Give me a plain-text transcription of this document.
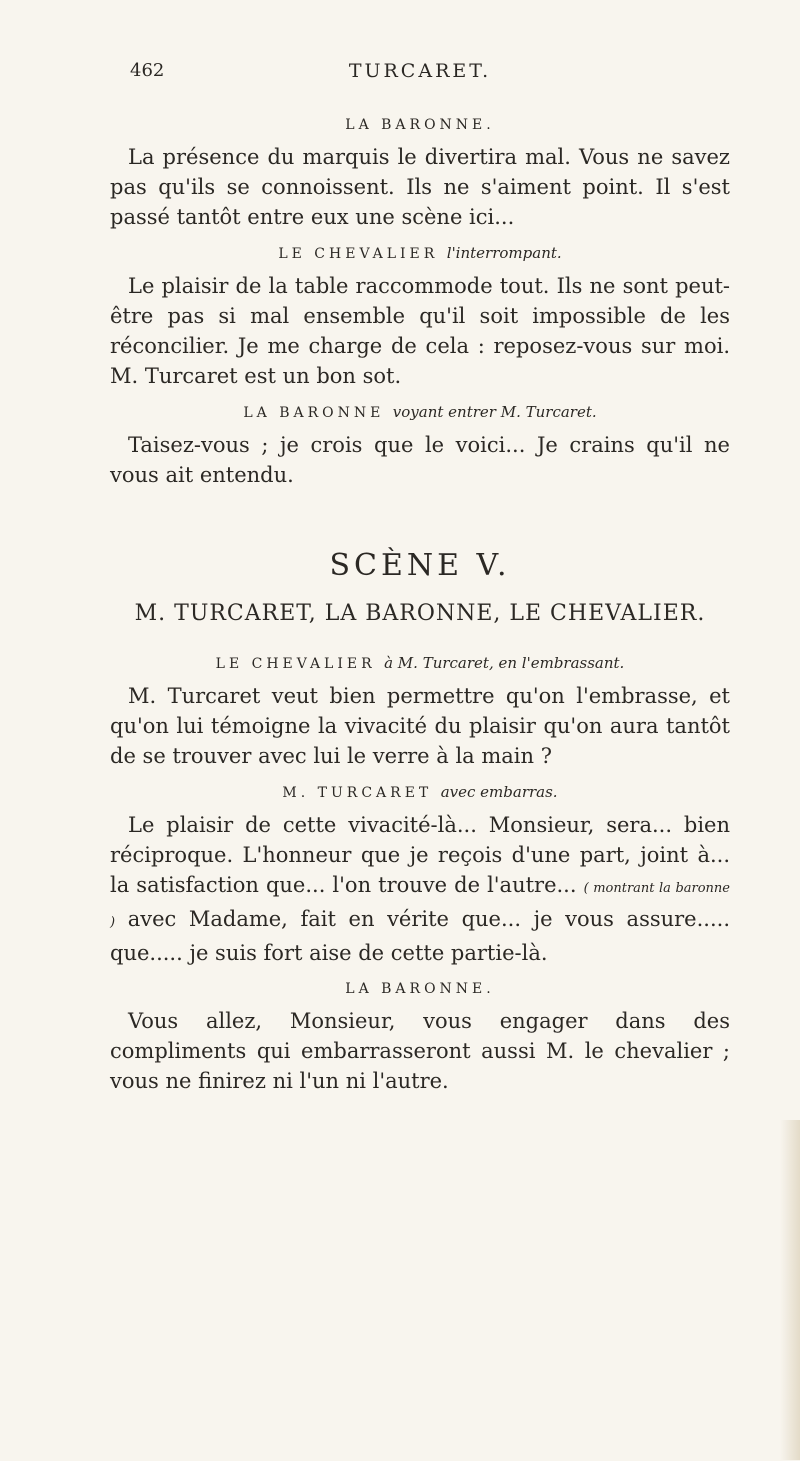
462	TURCARET.
LA BARONNE.

La présence du marquis le divertira mal. Vous ne savez pas qu'ils se connoissent. Ils ne s'aiment point. Il s'est passé tantôt entre eux une scène ici...

LE CHEVALIER l'interrompant.

Le plaisir de la table raccommode tout. Ils ne sont peut-être pas si mal ensemble qu'il soit impossible de les réconcilier. Je me charge de cela : reposez-vous sur moi. M. Turcaret est un bon sot.

LA BARONNE voyant entrer M. Turcaret.

Taisez-vous ; je crois que le voici... Je crains qu'il ne vous ait entendu.

SCÈNE V.
M. TURCARET, LA BARONNE, LE CHEVALIER.
LE CHEVALIER à M. Turcaret, en l'embrassant.

M. Turcaret veut bien permettre qu'on l'embrasse, et qu'on lui témoigne la vivacité du plaisir qu'on aura tantôt de se trouver avec lui le verre à la main ?

M. TURCARET avec embarras.

Le plaisir de cette vivacité-là... Monsieur, sera... bien réciproque. L'honneur que je reçois d'une part, joint à... la satisfaction que... l'on trouve de l'autre... ( montrant la baronne ) avec Madame, fait en vérite que... je vous assure..... que..... je suis fort aise de cette partie-là.

LA BARONNE.

Vous allez, Monsieur, vous engager dans des compliments qui embarrasseront aussi M. le chevalier ; vous ne finirez ni l'un ni l'autre.
